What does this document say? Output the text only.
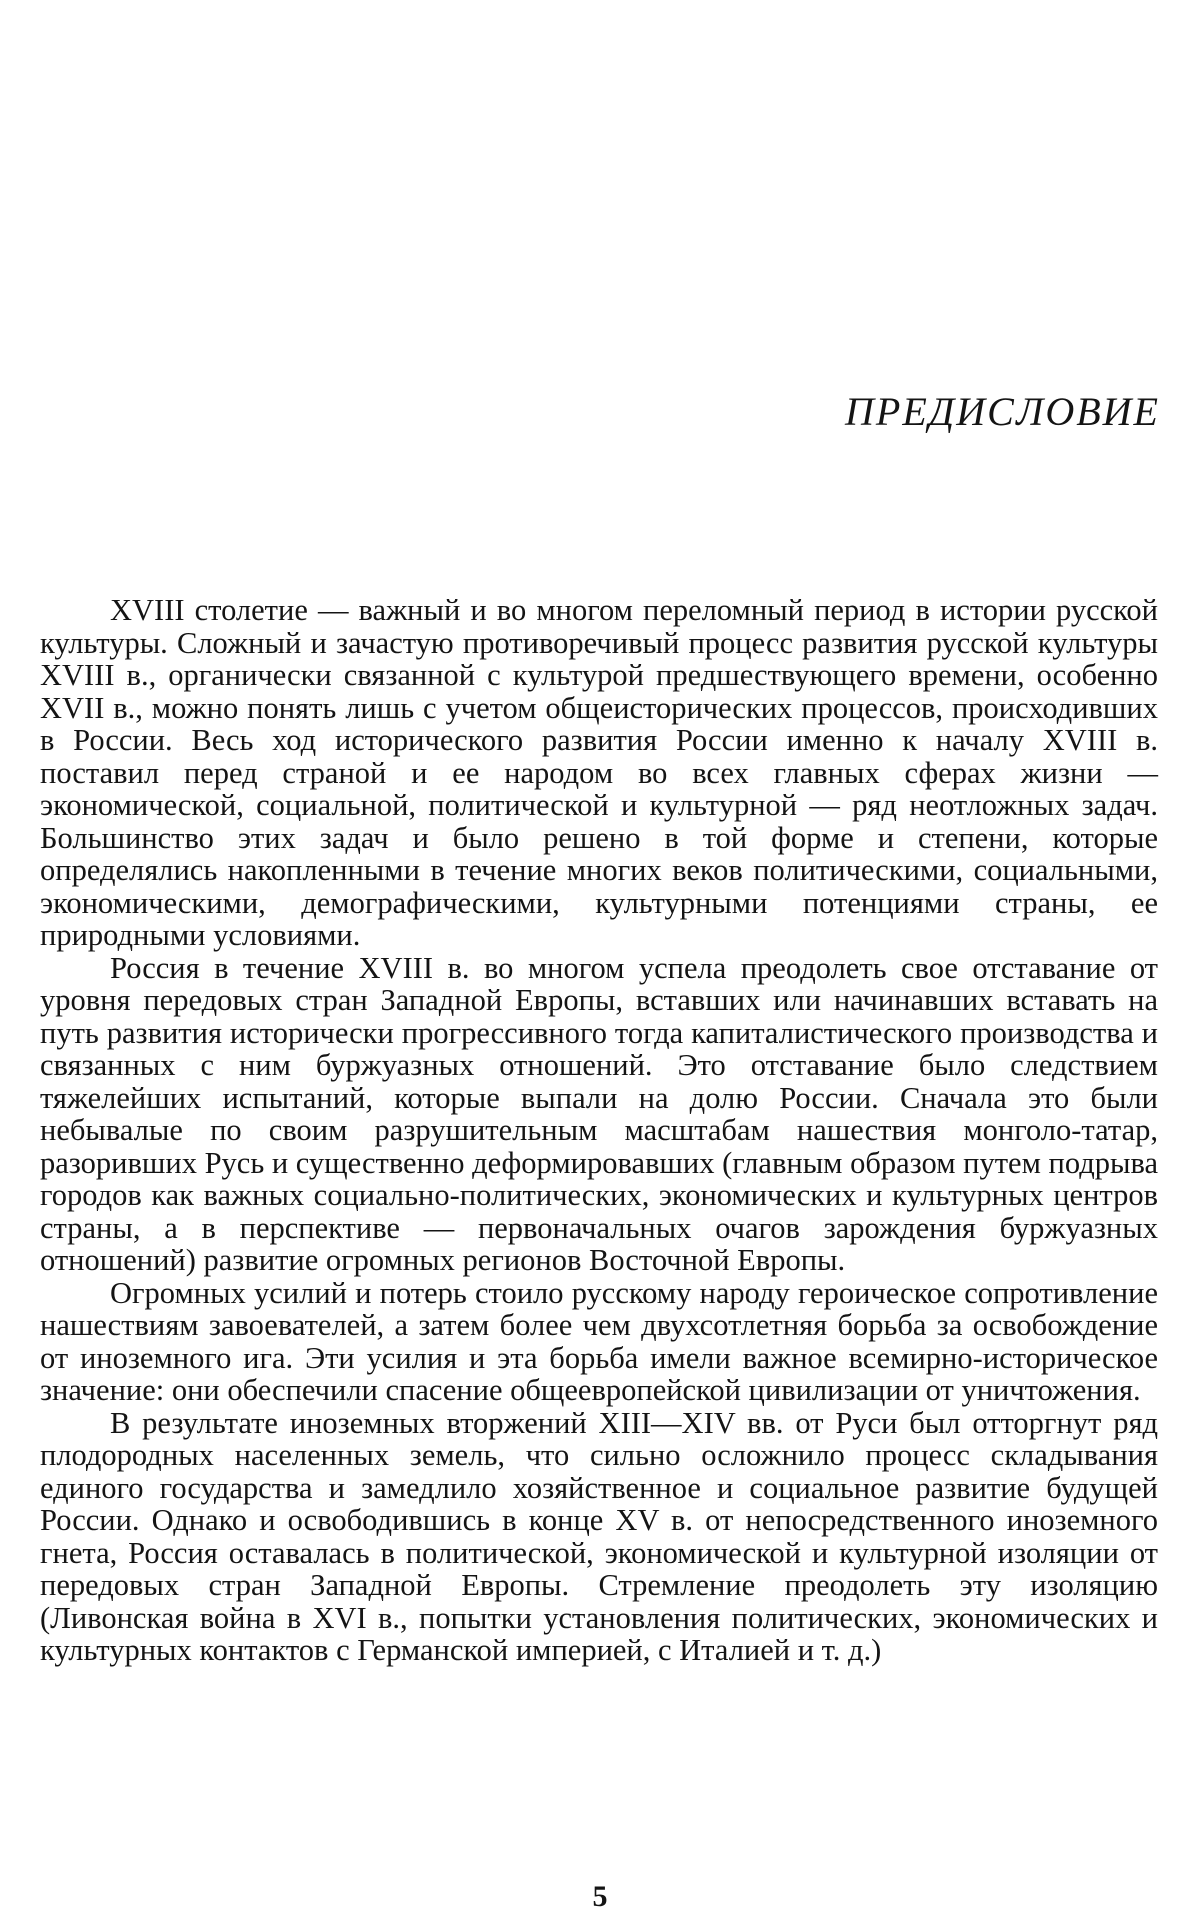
ПРЕДИСЛОВИЕ

XVIII столетие — важный и во многом переломный период в истории русской культуры. Сложный и зачастую противоречивый процесс развития русской культуры XVIII в., органически связанной с культурой предшествующего времени, особенно XVII в., можно понять лишь с учетом общеисторических процессов, происходивших в России. Весь ход исторического развития России именно к началу XVIII в. поставил перед страной и ее народом во всех главных сферах жизни — экономической, социальной, политической и культурной — ряд неотложных задач. Большинство этих задач и было решено в той форме и степени, которые определялись накопленными в течение многих веков политическими, социальными, экономическими, демографическими, культурными потенциями страны, ее природными условиями.

Россия в течение XVIII в. во многом успела преодолеть свое отставание от уровня передовых стран Западной Европы, вставших или начинавших вставать на путь развития исторически прогрессивного тогда капиталистического производства и связанных с ним буржуазных отношений. Это отставание было следствием тяжелейших испытаний, которые выпали на долю России. Сначала это были небывалые по своим разрушительным масштабам нашествия монголо-татар, разоривших Русь и существенно деформировавших (главным образом путем подрыва городов как важных социально-политических, экономических и культурных центров страны, а в перспективе — первоначальных очагов зарождения буржуазных отношений) развитие огромных регионов Восточной Европы.

Огромных усилий и потерь стоило русскому народу героическое сопротивление нашествиям завоевателей, а затем более чем двухсотлетняя борьба за освобождение от иноземного ига. Эти усилия и эта борьба имели важное всемирно-историческое значение: они обеспечили спасение общеевропейской цивилизации от уничтожения.

В результате иноземных вторжений XIII—XIV вв. от Руси был отторгнут ряд плодородных населенных земель, что сильно осложнило процесс складывания единого государства и замедлило хозяйственное и социальное развитие будущей России. Однако и освободившись в конце XV в. от непосредственного иноземного гнета, Россия оставалась в политической, экономической и культурной изоляции от передовых стран Западной Европы. Стремление преодолеть эту изоляцию (Ливонская война в XVI в., попытки установления политических, экономических и культурных контактов с Германской империей, с Италией и т. д.)

5
